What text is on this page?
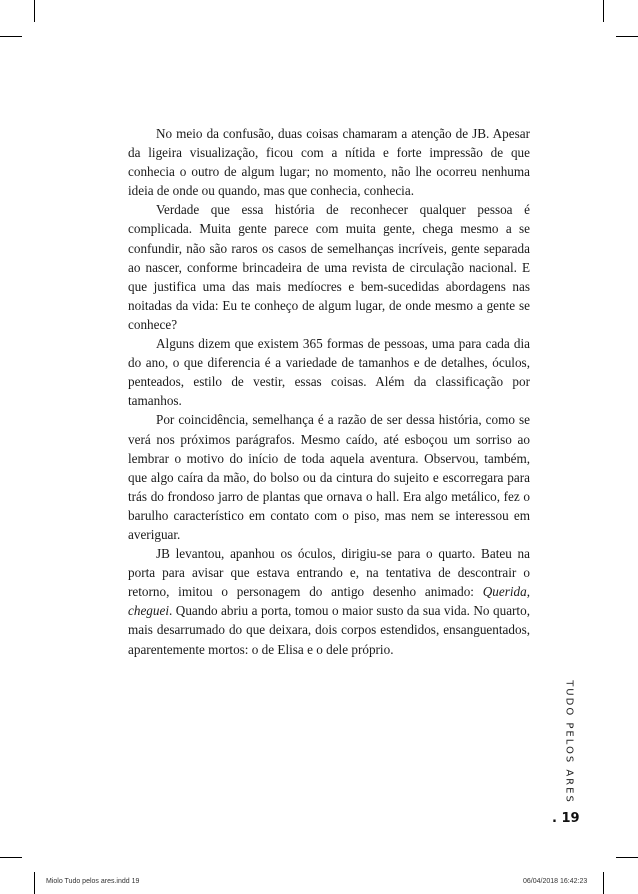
No meio da confusão, duas coisas chamaram a atenção de JB. Apesar da ligeira visualização, ficou com a nítida e forte impressão de que conhecia o outro de algum lugar; no momento, não lhe ocorreu nenhuma ideia de onde ou quando, mas que conhecia, conhecia.

Verdade que essa história de reconhecer qualquer pessoa é complicada. Muita gente parece com muita gente, chega mesmo a se confundir, não são raros os casos de semelhanças incríveis, gente separada ao nascer, conforme brincadeira de uma revista de circulação nacional. E que justifica uma das mais medíocres e bem-sucedidas abordagens nas noitadas da vida: Eu te conheço de algum lugar, de onde mesmo a gente se conhece?

Alguns dizem que existem 365 formas de pessoas, uma para cada dia do ano, o que diferencia é a variedade de tamanhos e de detalhes, óculos, penteados, estilo de vestir, essas coisas. Além da classificação por tamanhos.

Por coincidência, semelhança é a razão de ser dessa história, como se verá nos próximos parágrafos. Mesmo caído, até esboçou um sorriso ao lembrar o motivo do início de toda aquela aventura. Observou, também, que algo caíra da mão, do bolso ou da cintura do sujeito e escorregara para trás do frondoso jarro de plantas que ornava o hall. Era algo metálico, fez o barulho característico em contato com o piso, mas nem se interessou em averiguar.

JB levantou, apanhou os óculos, dirigiu-se para o quarto. Bateu na porta para avisar que estava entrando e, na tentativa de descontrair o retorno, imitou o personagem do antigo desenho animado: Querida, cheguei. Quando abriu a porta, tomou o maior susto da sua vida. No quarto, mais desarrumado do que deixara, dois corpos estendidos, ensanguentados, aparentemente mortos: o de Elisa e o dele próprio.

TUDO PELOS ARES
. 19
Miolo Tudo pelos ares.indd 19	06/04/2018 16:42:23
